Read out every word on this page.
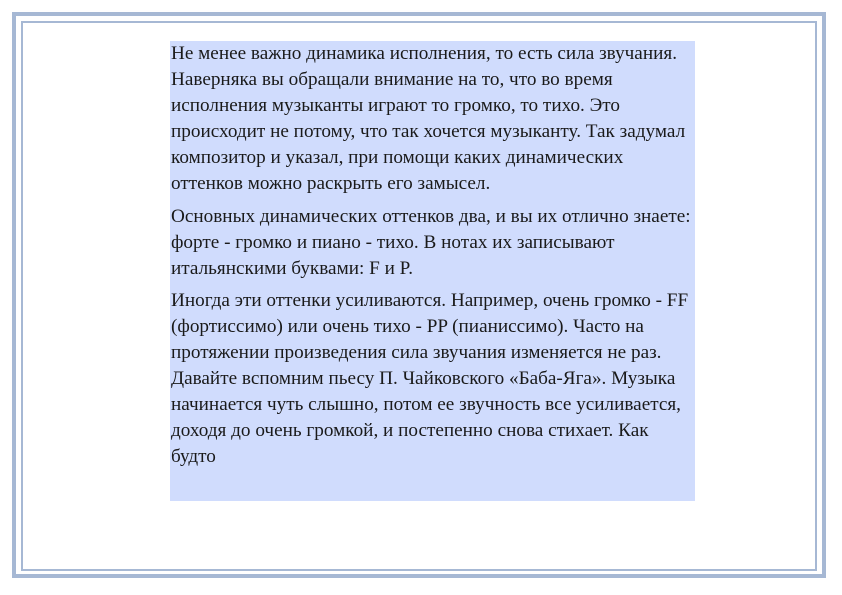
Не менее важно динамика исполнения, то есть сила звучания. Наверняка вы обращали внимание на то, что во время исполнения музыканты играют то громко, то тихо. Это происходит не потому, что так хочется музыканту. Так задумал композитор и указал, при помощи каких динамических оттенков можно раскрыть его замысел.

Основных динамических оттенков два, и вы их отлично знаете: форте - громко и пиано - тихо. В нотах их записывают итальянскими буквами: F и P.

Иногда эти оттенки усиливаются. Например, очень громко - FF (фортиссимо) или очень тихо - PP (пианиссимо). Часто на протяжении произведения сила звучания изменяется не раз. Давайте вспомним пьесу П. Чайковского «Баба-Яга». Музыка начинается чуть слышно, потом ее звучность все усиливается, доходя до очень громкой, и постепенно снова стихает. Как будто
